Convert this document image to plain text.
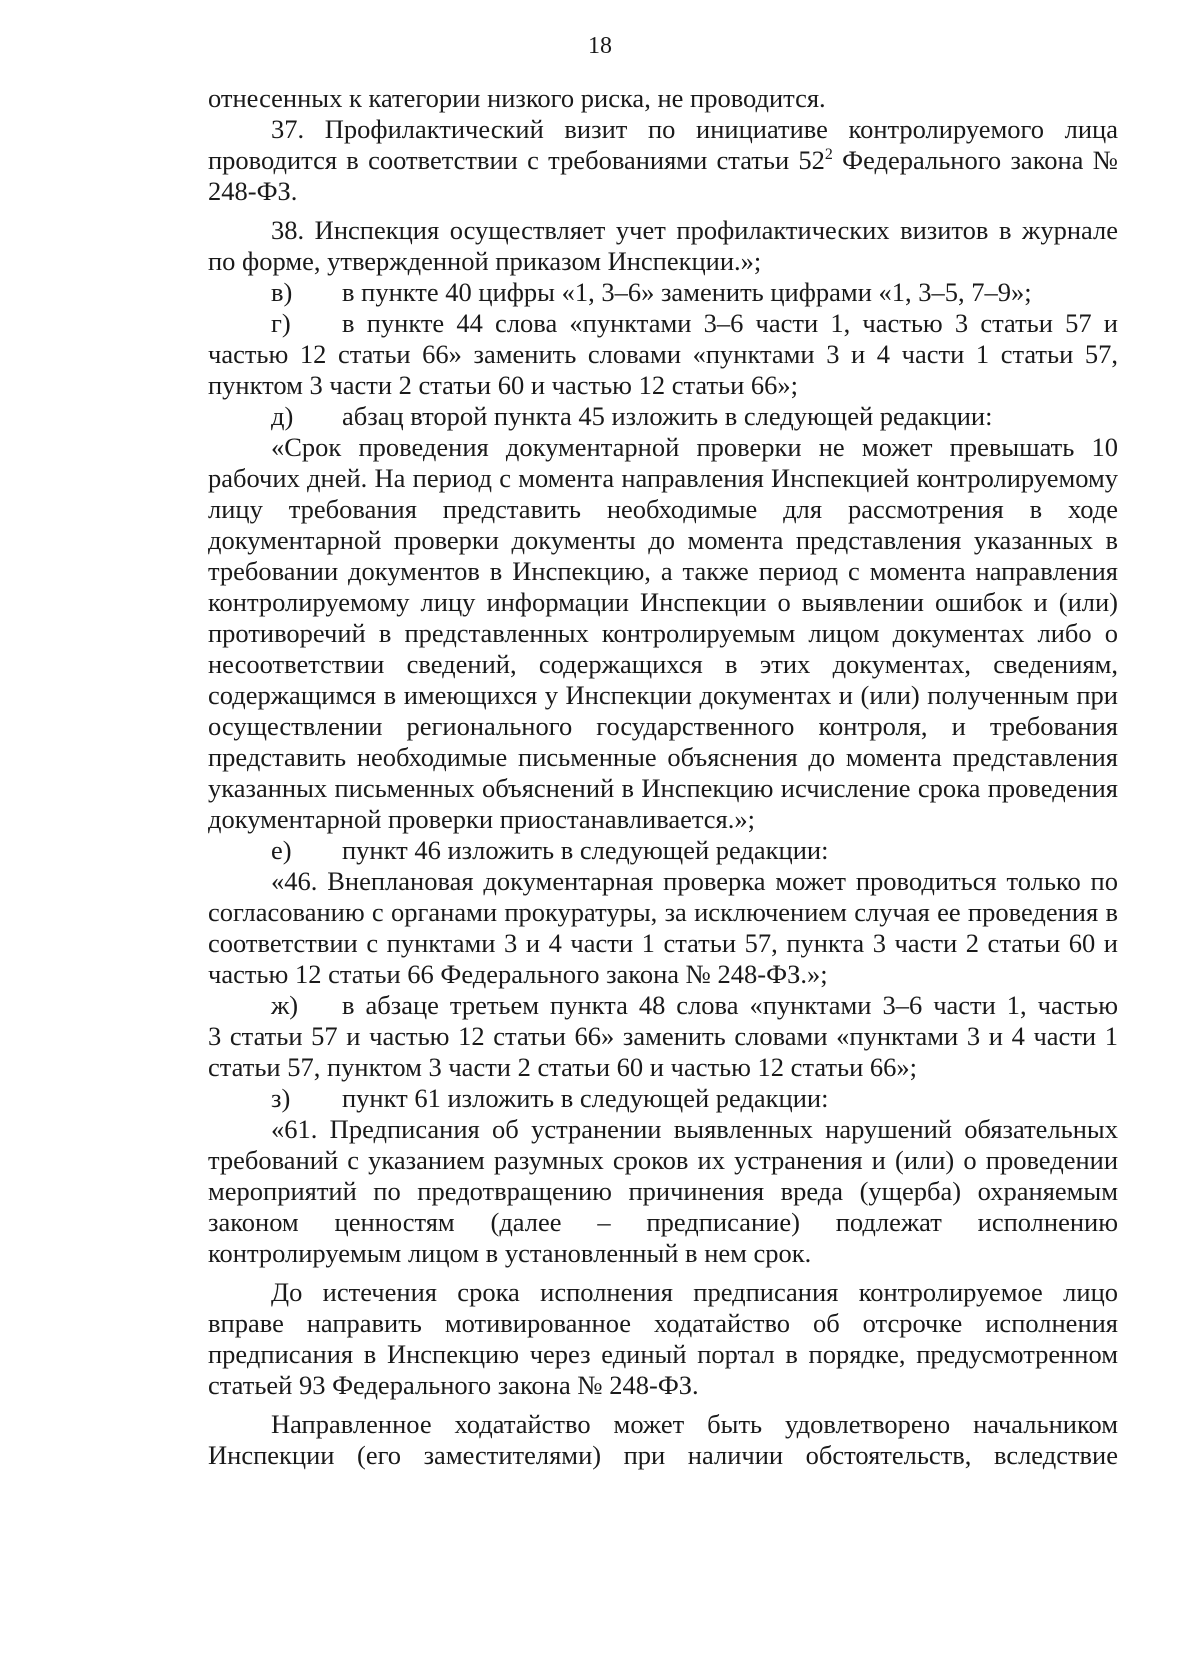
18

отнесенных к категории низкого риска, не проводится.

37. Профилактический визит по инициативе контролируемого лица проводится в соответствии с требованиями статьи $52^2$ Федерального закона № 248-ФЗ.

38. Инспекция осуществляет учет профилактических визитов в журнале по форме, утвержденной приказом Инспекции.»;

в)	в пункте 40 цифры «1, 3–6» заменить цифрами «1, 3–5, 7–9»;
г)	в пункте 44 слова «пунктами 3–6 части 1, частью 3 статьи 57 и

частью 12 статьи 66» заменить словами «пунктами 3 и 4 части 1 статьи 57, пунктом 3 части 2 статьи 60 и частью 12 статьи 66»;

д)	абзац второй пункта 45 изложить в следующей редакции:

«Срок проведения документарной проверки не может превышать 10 рабочих дней. На период с момента направления Инспекцией контролируемому лицу требования представить необходимые для рассмотрения в ходе документарной проверки документы до момента представления указанных в требовании документов в Инспекцию, а также период с момента направления контролируемому лицу информации Инспекции о выявлении ошибок и (или) противоречий в представленных контролируемым лицом документах либо о несоответствии сведений, содержащихся в этих документах, сведениям, содержащимся в имеющихся у Инспекции документах и (или) полученным при осуществлении регионального государственного контроля, и требования представить необходимые письменные объяснения до момента представления указанных письменных объяснений в Инспекцию исчисление срока проведения документарной проверки приостанавливается.»;

е)	пункт 46 изложить в следующей редакции:

«46. Внеплановая документарная проверка может проводиться только по согласованию с органами прокуратуры, за исключением случая ее проведения в соответствии с пунктами 3 и 4 части 1 статьи 57, пункта 3 части 2 статьи 60 и частью 12 статьи 66 Федерального закона № 248-ФЗ.»;

ж)	в абзаце третьем пункта 48 слова «пунктами 3–6 части 1, частью

3 статьи 57 и частью 12 статьи 66» заменить словами «пунктами 3 и 4 части 1 статьи 57, пунктом 3 части 2 статьи 60 и частью 12 статьи 66»;

з)	пункт 61 изложить в следующей редакции:

«61. Предписания об устранении выявленных нарушений обязательных требований с указанием разумных сроков их устранения и (или) о проведении мероприятий по предотвращению причинения вреда (ущерба) охраняемым законом ценностям (далее – предписание) подлежат исполнению контролируемым лицом в установленный в нем срок.

До истечения срока исполнения предписания контролируемое лицо вправе направить мотивированное ходатайство об отсрочке исполнения предписания в Инспекцию через единый портал в порядке, предусмотренном статьей 93 Федерального закона № 248-ФЗ.

Направленное ходатайство может быть удовлетворено начальником Инспекции (его заместителями) при наличии обстоятельств, вследствие
